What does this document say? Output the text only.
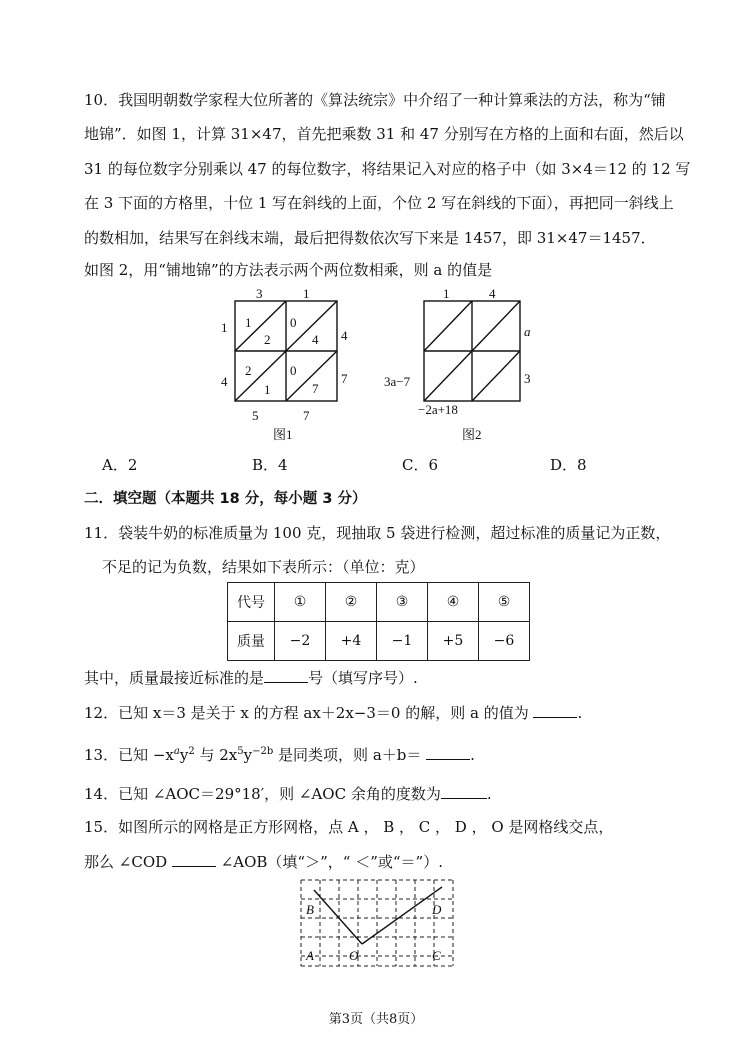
10．我国明朝数学家程大位所著的《算法统宗》中介绍了一种计算乘法的方法，称为“铺
地锦”．如图 1，计算 31×47，首先把乘数 31 和 47 分别写在方格的上面和右面，然后以
31 的每位数字分别乘以 47 的每位数字，将结果记入对应的格子中（如 3×4＝12 的 12 写
在 3 下面的方格里，十位 1 写在斜线的上面，个位 2 写在斜线的下面），再把同一斜线上
的数相加，结果写在斜线末端，最后把得数依次写下来是 1457，即 31×47＝1457．
如图 2，用“铺地锦”的方法表示两个两位数相乘，则 a 的值是
3	1
1
4
4
7
5	7
1
2
0
4
2
1
0
7
图1
1	4
a
3
3a−7
−2a+18
图2
A．2	B．4	C．6	D．8
二．填空题（本题共 18 分，每小题 3 分）
11．袋装牛奶的标准质量为 100 克，现抽取 5 袋进行检测，超过标准的质量记为正数，
不足的记为负数，结果如下表所示：（单位：克）
代号	①	②	③	④	⑤
质量	−2	+4	−1	+5	−6
其中，质量最接近标准的是	号（填写序号）.
12．已知 x＝3 是关于 x 的方程 ax＋2x−3＝0 的解，则 a 的值为	.
13．已知 $-x^ay^2$ 与 $2x^5y^{-2b}$ 是同类项，则 a＋b＝	.
14．已知 ∠AOC＝29°18′，则 ∠AOC 余角的度数为	.
15．如图所示的网格是正方形网格，点 A ， B ， C ， D ， O 是网格线交点，
那么 ∠COD	∠AOB（填“＞”，“ ＜”或“＝”）.
B	D
A	O	C
第3页（共8页）
